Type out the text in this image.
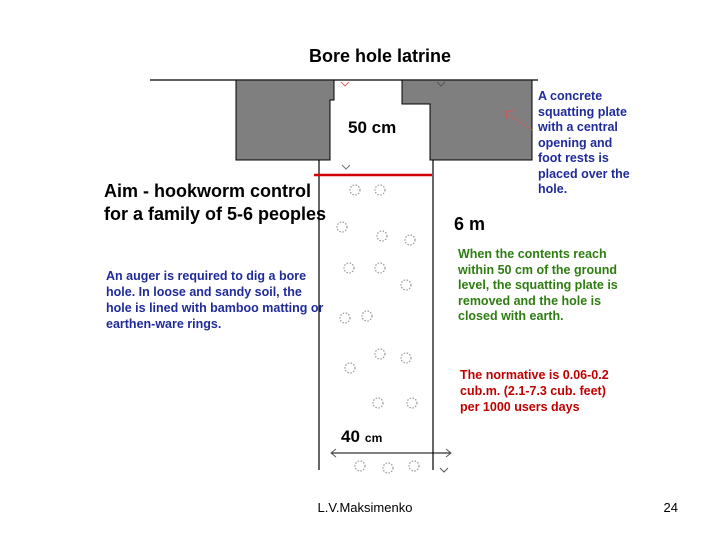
Bore hole latrine
Aim - hookworm control for a family of 5-6 peoples
An auger is required to dig a bore hole. In loose and sandy soil, the hole is lined with bamboo matting or earthen-ware rings.
A concrete squatting plate with a central opening and foot rests is placed over the hole.
When the contents reach within 50 cm of the ground level, the squatting plate is removed and the hole is closed with earth.
The normative is 0.06-0.2 cub.m. (2.1-7.3 cub. feet) per 1000 users days
50 cm
6 m
40 cm
L.V.Maksimenko	24
